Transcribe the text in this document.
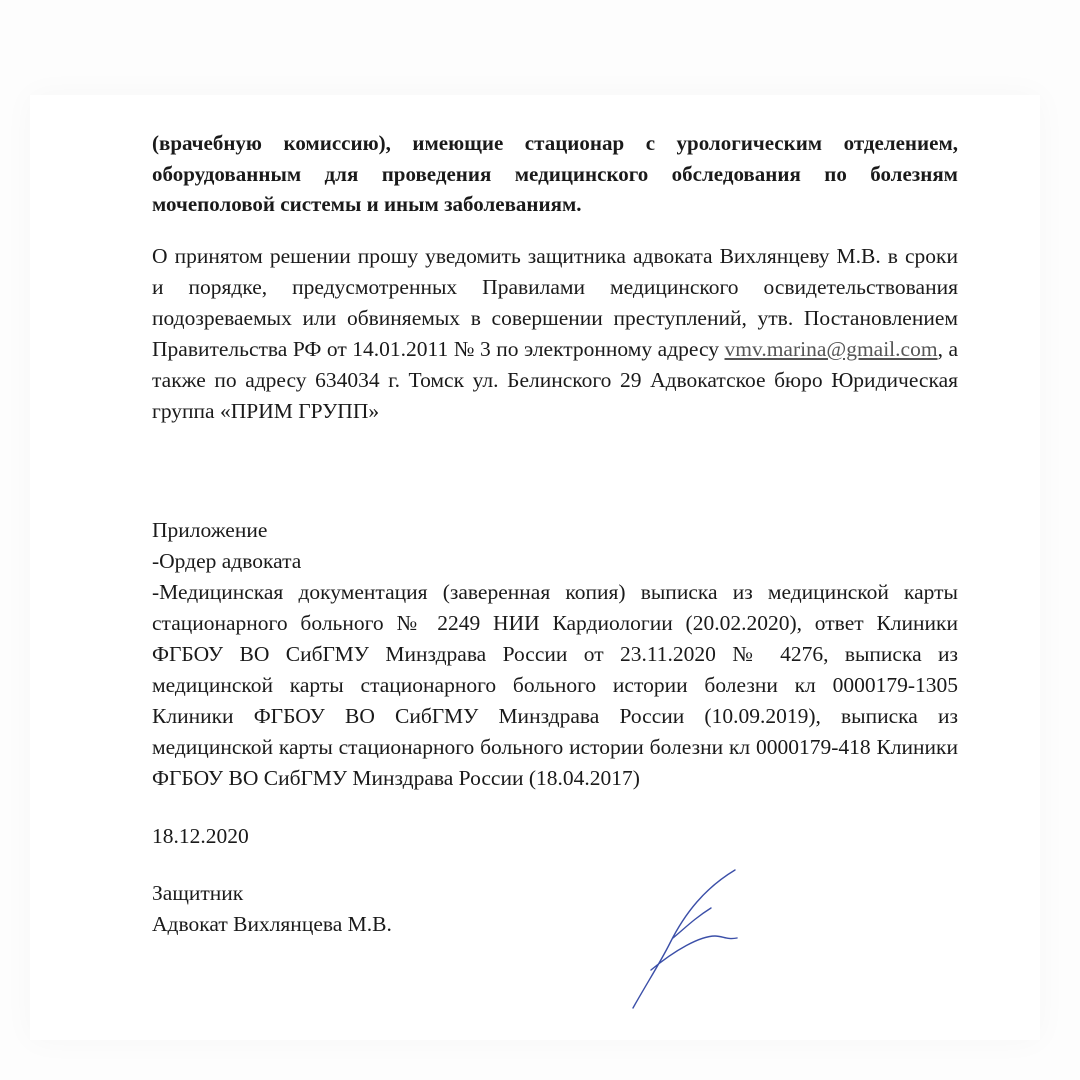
(врачебную комиссию), имеющие стационар с урологическим отделением, оборудованным для проведения медицинского обследования по болезням мочеполовой системы и иным заболеваниям.

О принятом решении прошу уведомить защитника адвоката Вихлянцеву М.В. в сроки и порядке, предусмотренных Правилами медицинского освидетельствования подозреваемых или обвиняемых в совершении преступлений, утв. Постановлением Правительства РФ от 14.01.2011 № 3 по электронному адресу vmv.marina@gmail.com, а также по адресу 634034 г. Томск ул. Белинского 29 Адвокатское бюро Юридическая группа «ПРИМ ГРУПП»

Приложение
-Ордер адвоката

-Медицинская документация (заверенная копия) выписка из медицинской карты стационарного больного № 2249 НИИ Кардиологии (20.02.2020), ответ Клиники ФГБОУ ВО СибГМУ Минздрава России от 23.11.2020 № 4276, выписка из медицинской карты стационарного больного истории болезни кл 0000179-1305 Клиники ФГБОУ ВО СибГМУ Минздрава России (10.09.2019), выписка из медицинской карты стационарного больного истории болезни кл 0000179-418 Клиники ФГБОУ ВО СибГМУ Минздрава России (18.04.2017)

18.12.2020
Защитник
Адвокат Вихлянцева М.В.
